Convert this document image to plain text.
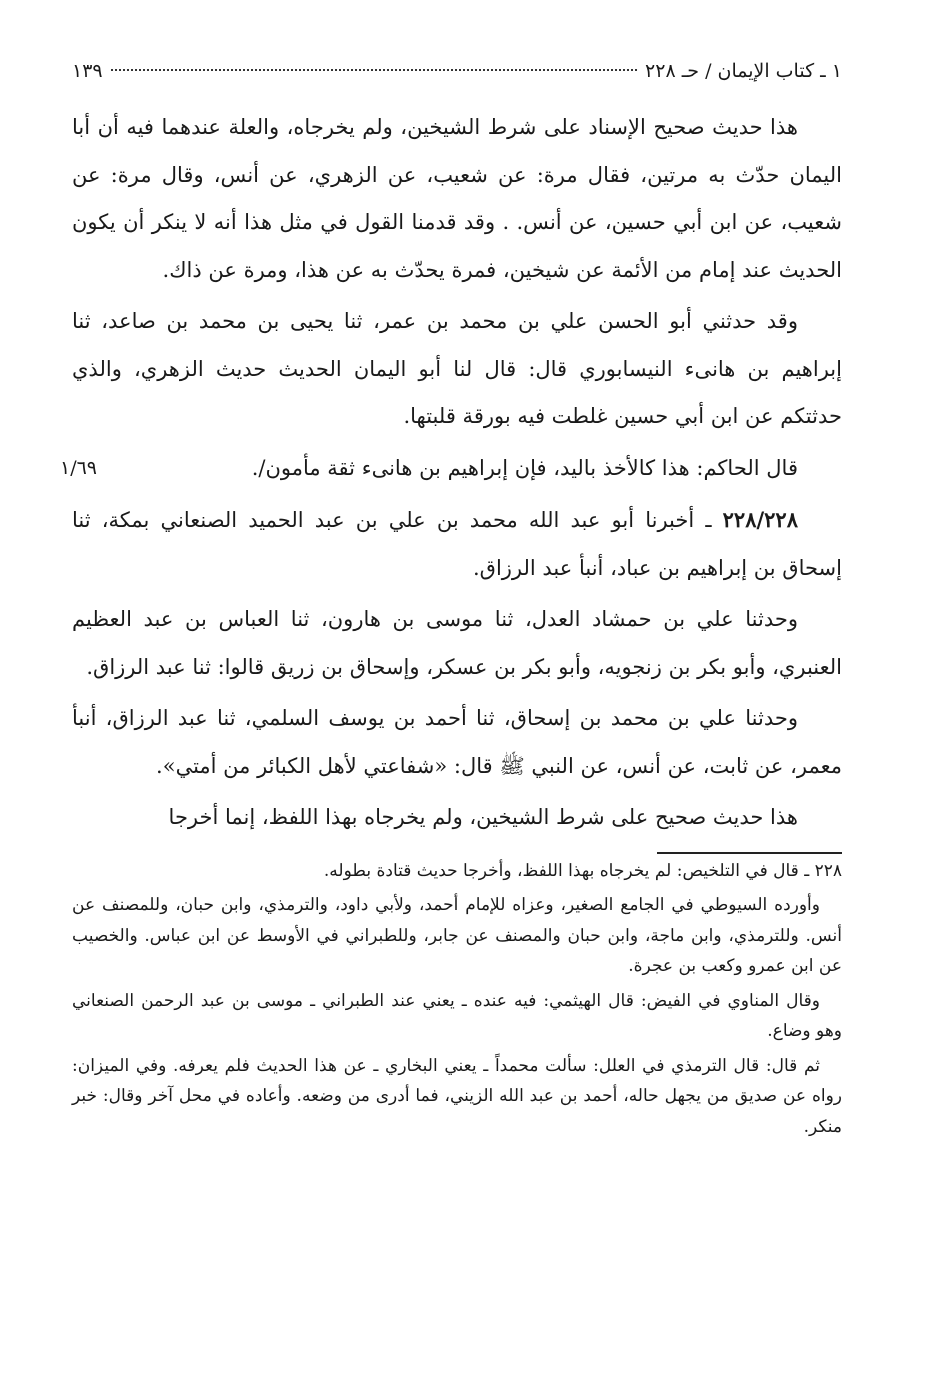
١ ـ كتاب الإيمان / حـ ٢٢٨
١٣٩

هذا حديث صحيح الإسناد على شرط الشيخين، ولم يخرجاه، والعلة عندهما فيه أن أبا اليمان حدّث به مرتين، فقال مرة: عن شعيب، عن الزهري، عن أنس، وقال مرة: عن شعيب، عن ابن أبي حسين، عن أنس. . وقد قدمنا القول في مثل هذا أنه لا ينكر أن يكون الحديث عند إمام من الأئمة عن شيخين، فمرة يحدّث به عن هذا، ومرة عن ذاك.

وقد حدثني أبو الحسن علي بن محمد بن عمر، ثنا يحيى بن محمد بن صاعد، ثنا إبراهيم بن هانىء النيسابوري قال: قال لنا أبو اليمان الحديث حديث الزهري، والذي حدثتكم عن ابن أبي حسين غلطت فيه بورقة قلبتها.

قال الحاكم: هذا كالأخذ باليد، فإن إبراهيم بن هانىء ثقة مأمون/.
١/٦٩

٢٢٨/٢٢٨ ـ أخبرنا أبو عبد الله محمد بن علي بن عبد الحميد الصنعاني بمكة، ثنا إسحاق بن إبراهيم بن عباد، أنبأ عبد الرزاق.

وحدثنا علي بن حمشاد العدل، ثنا موسى بن هارون، ثنا العباس بن عبد العظيم العنبري، وأبو بكر بن زنجويه، وأبو بكر بن عسكر، وإسحاق بن زريق قالوا: ثنا عبد الرزاق.

وحدثنا علي بن محمد بن إسحاق، ثنا أحمد بن يوسف السلمي، ثنا عبد الرزاق، أنبأ معمر، عن ثابت، عن أنس، عن النبي ﷺ قال: «شفاعتي لأهل الكبائر من أمتي».

هذا حديث صحيح على شرط الشيخين، ولم يخرجاه بهذا اللفظ، إنما أخرجا

٢٢٨ ـ قال في التلخيص: لم يخرجاه بهذا اللفظ، وأخرجا حديث قتادة بطوله.

وأورده السيوطي في الجامع الصغير، وعزاه للإمام أحمد، ولأبي داود، والترمذي، وابن حبان، وللمصنف عن أنس. وللترمذي، وابن ماجة، وابن حبان والمصنف عن جابر، وللطبراني في الأوسط عن ابن عباس. والخصيب عن ابن عمرو وكعب بن عجرة.

وقال المناوي في الفيض: قال الهيثمي: فيه عنده ـ يعني عند الطبراني ـ موسى بن عبد الرحمن الصنعاني وهو وضاع.

ثم قال: قال الترمذي في العلل: سألت محمداً ـ يعني البخاري ـ عن هذا الحديث فلم يعرفه. وفي الميزان: رواه عن صديق من يجهل حاله، أحمد بن عبد الله الزيني، فما أدرى من وضعه. وأعاده في محل آخر وقال: خبر منكر.
